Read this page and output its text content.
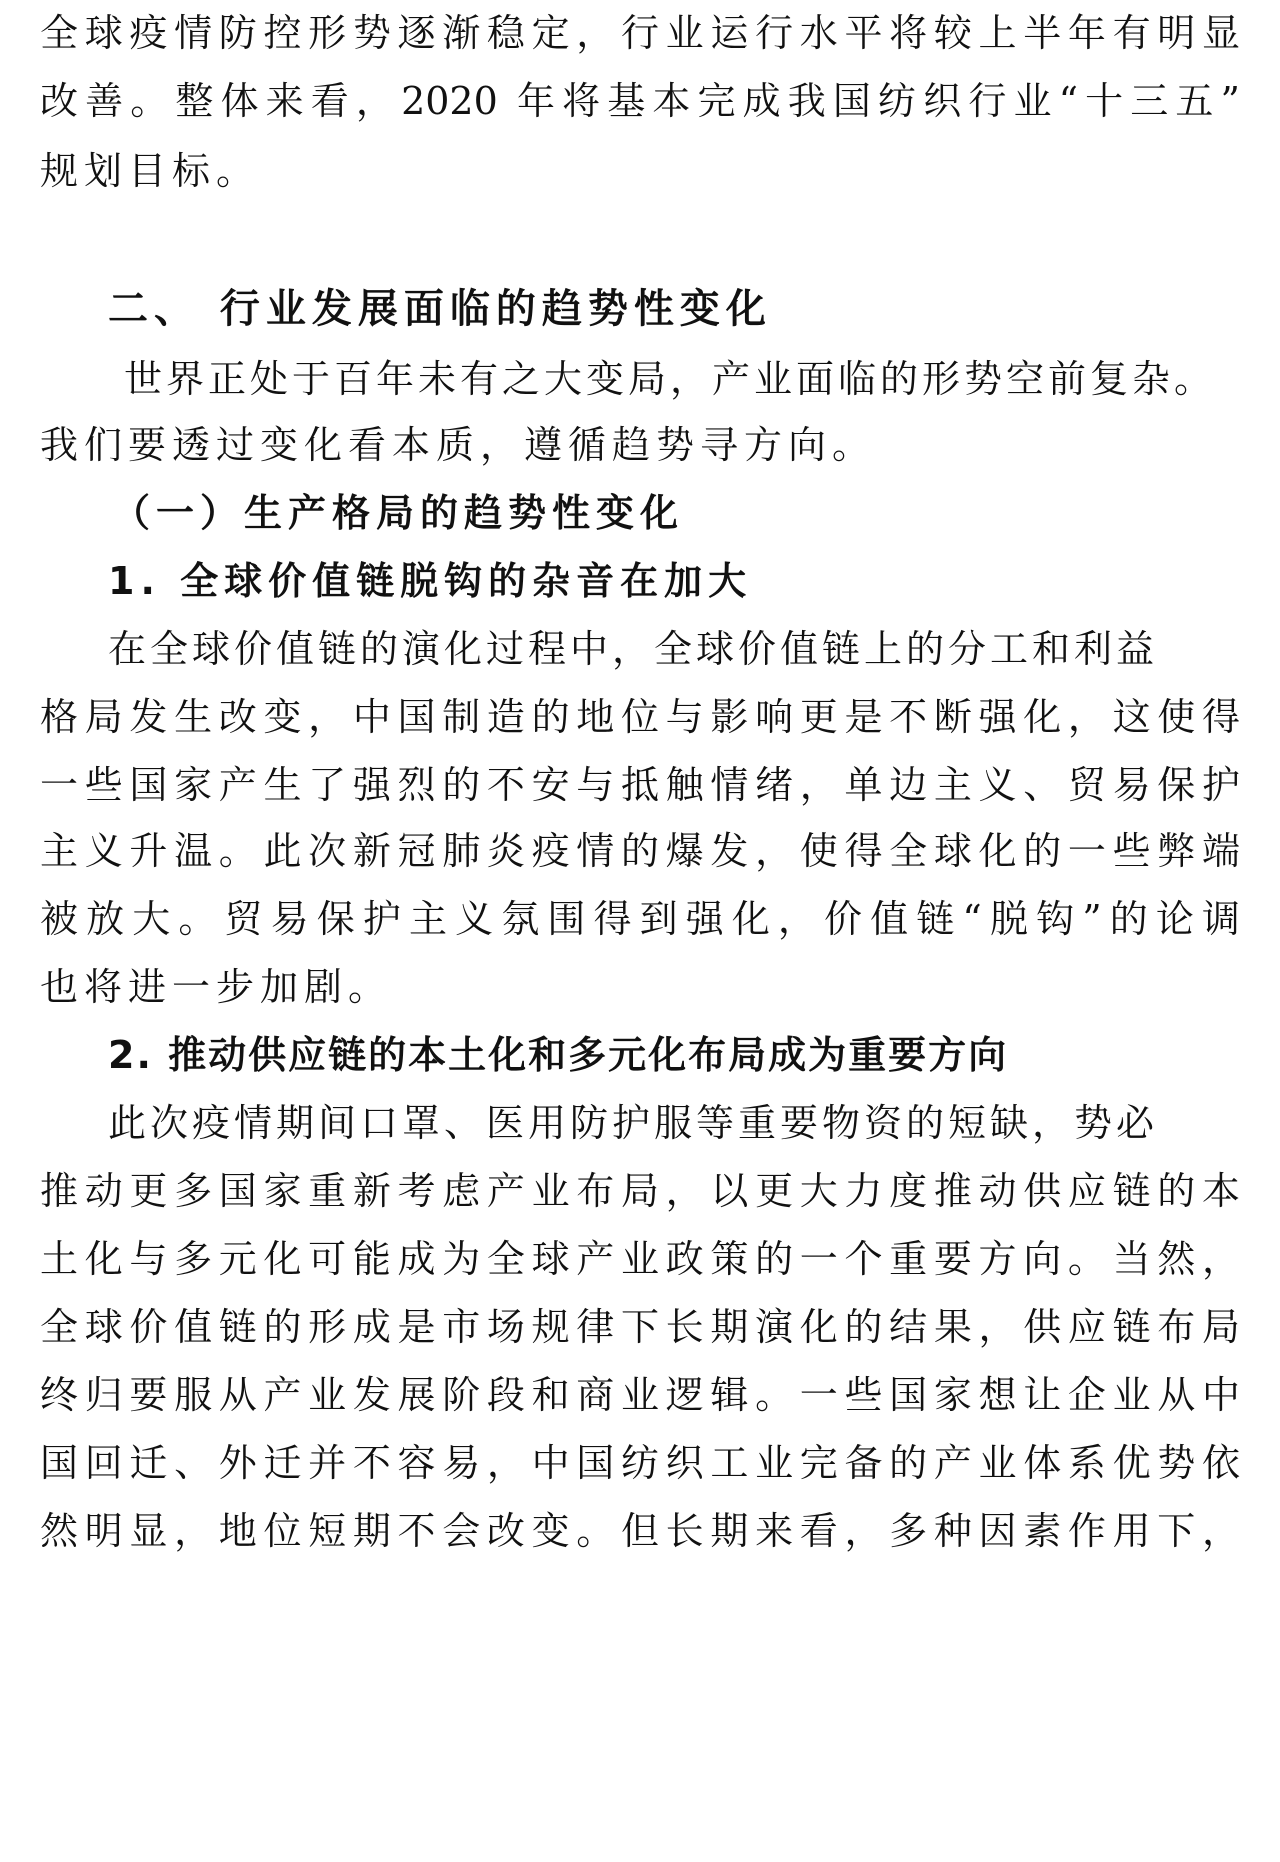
全球疫情防控形势逐渐稳定，行业运行水平将较上半年有明显
改善。整体来看，2020 年将基本完成我国纺织行业“十三五”
规划目标。
二、 行业发展面临的趋势性变化
世界正处于百年未有之大变局，产业面临的形势空前复杂。
我们要透过变化看本质，遵循趋势寻方向。
（一）生产格局的趋势性变化
1. 全球价值链脱钩的杂音在加大
在全球价值链的演化过程中，全球价值链上的分工和利益
格局发生改变，中国制造的地位与影响更是不断强化，这使得
一些国家产生了强烈的不安与抵触情绪，单边主义、贸易保护
主义升温。此次新冠肺炎疫情的爆发，使得全球化的一些弊端
被放大。贸易保护主义氛围得到强化，价值链“脱钩”的论调
也将进一步加剧。
2. 推动供应链的本土化和多元化布局成为重要方向
此次疫情期间口罩、医用防护服等重要物资的短缺，势必
推动更多国家重新考虑产业布局，以更大力度推动供应链的本
土化与多元化可能成为全球产业政策的一个重要方向。当然，
全球价值链的形成是市场规律下长期演化的结果，供应链布局
终归要服从产业发展阶段和商业逻辑。一些国家想让企业从中
国回迁、外迁并不容易，中国纺织工业完备的产业体系优势依
然明显，地位短期不会改变。但长期来看，多种因素作用下，
